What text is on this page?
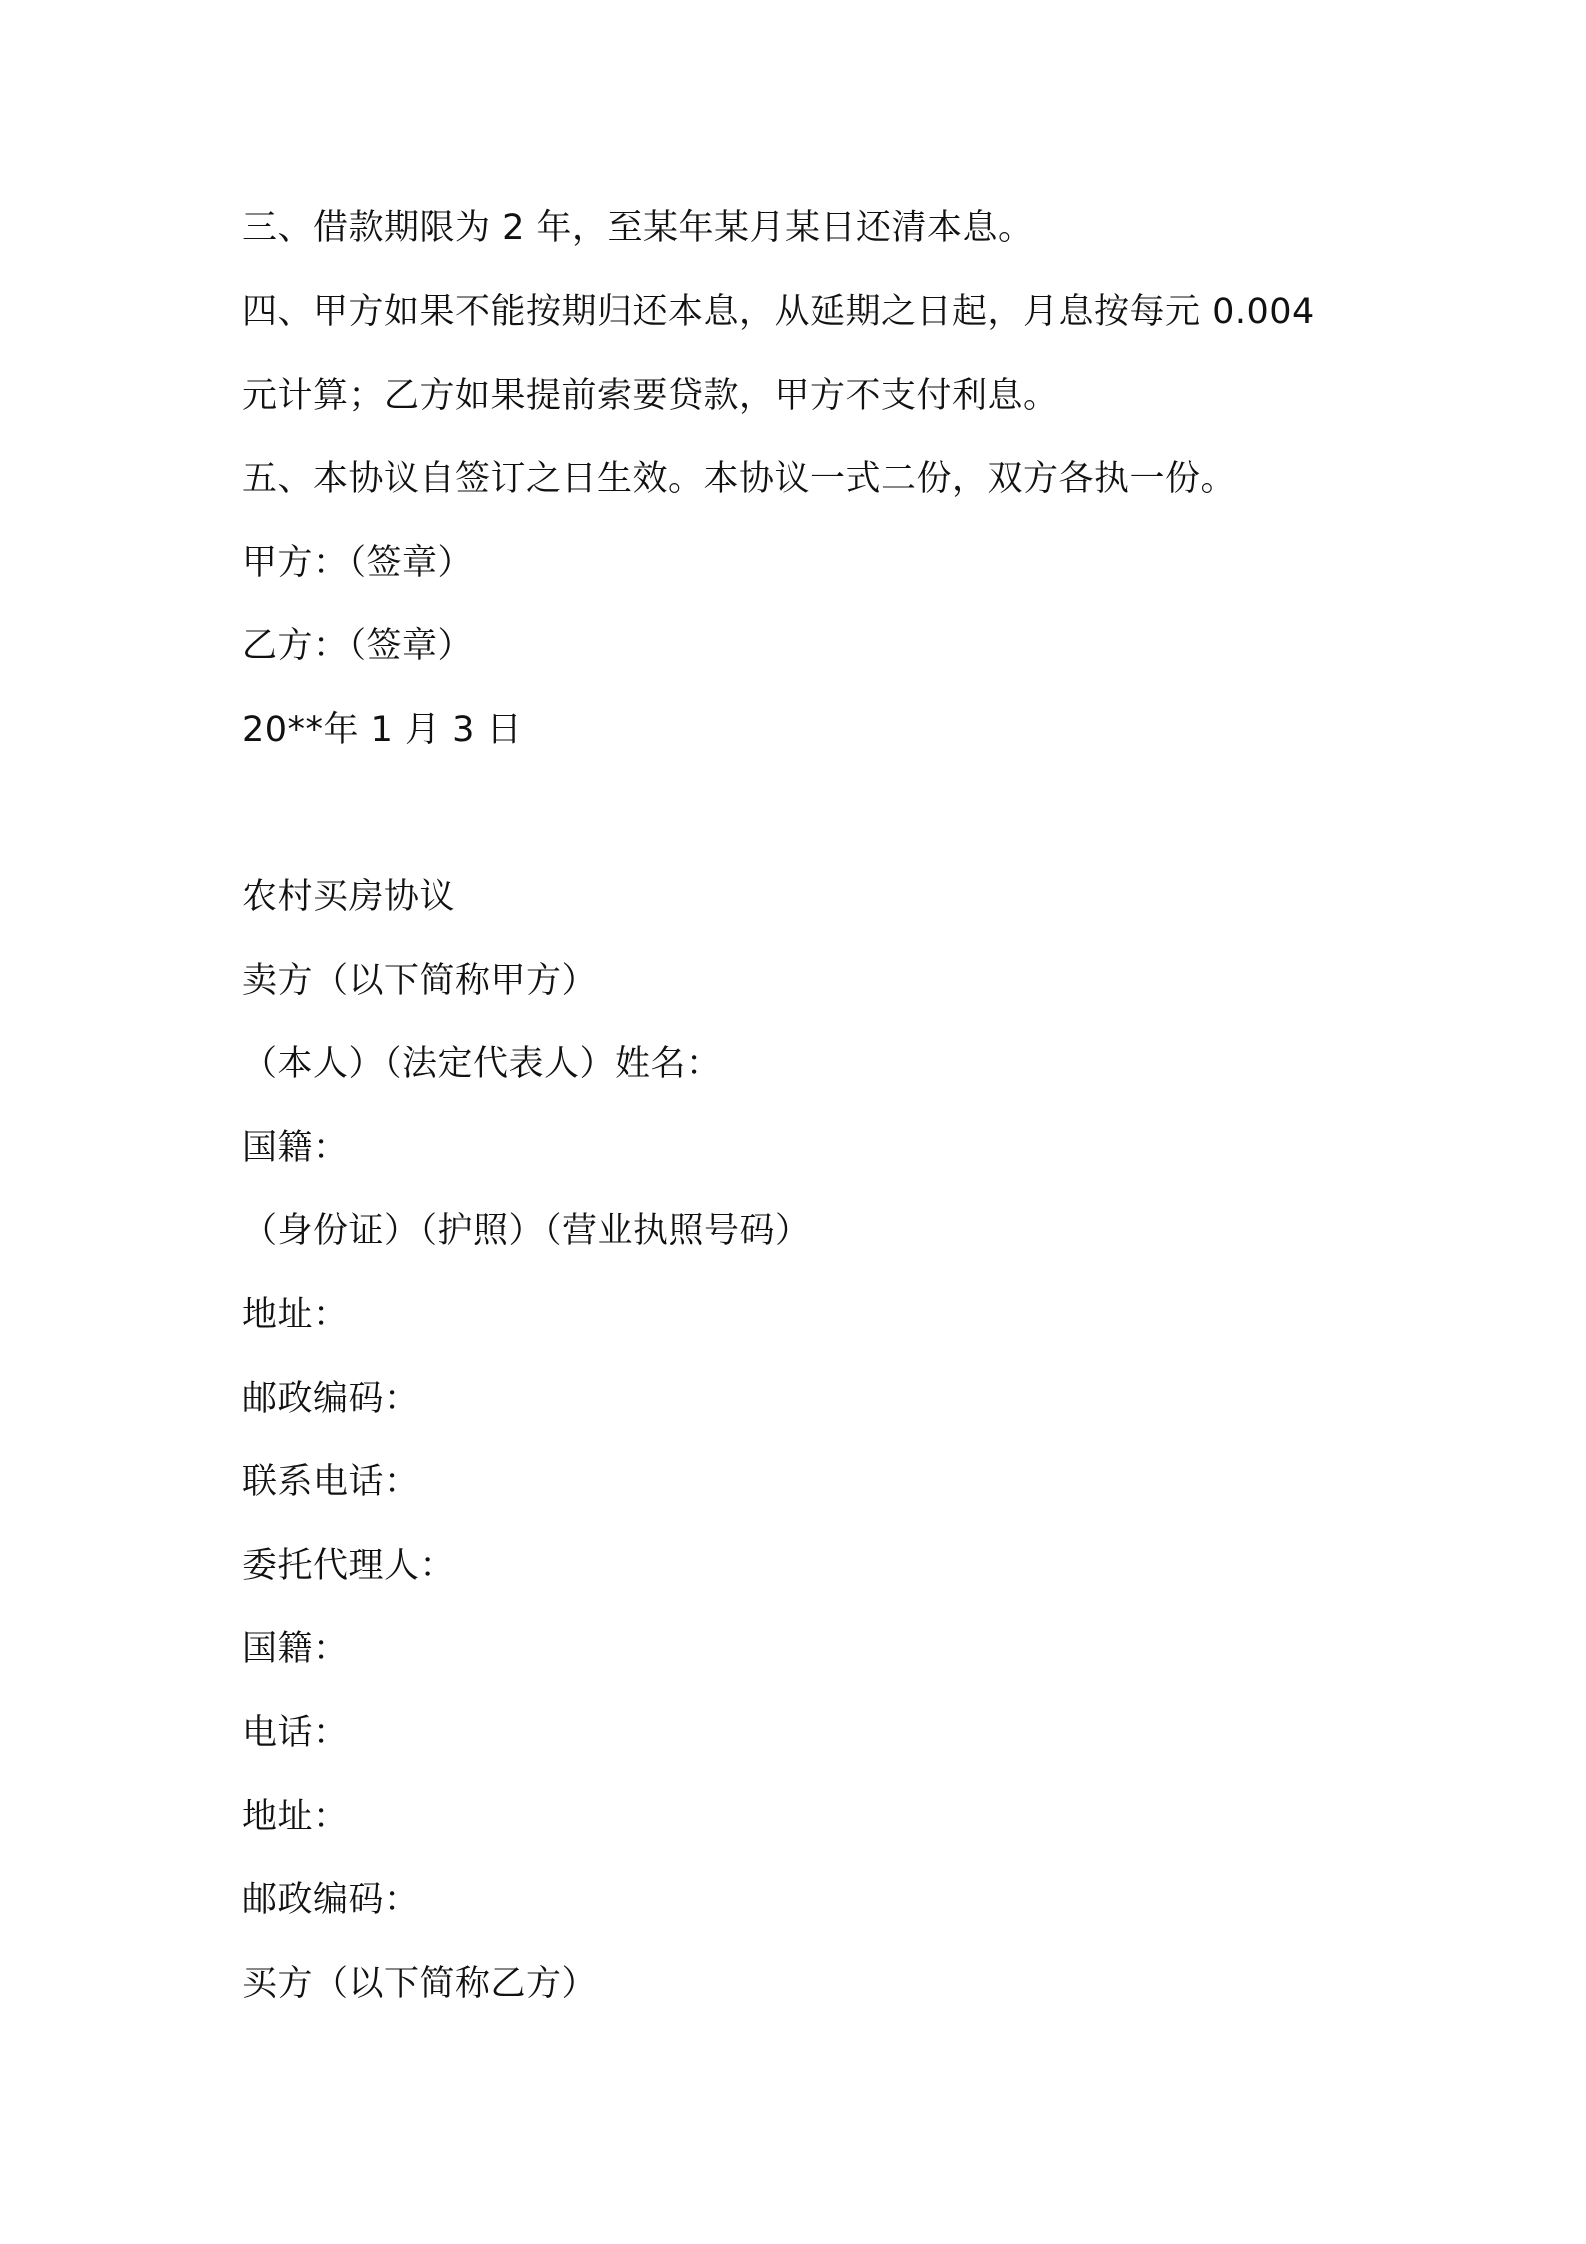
三、借款期限为 2 年，至某年某月某日还清本息。
四、甲方如果不能按期归还本息，从延期之日起，月息按每元 0.004
元计算；乙方如果提前索要贷款，甲方不支付利息。
五、本协议自签订之日生效。本协议一式二份，双方各执一份。
甲方：（签章）
乙方：（签章）
20**年 1 月 3 日
农村买房协议
卖方（以下简称甲方）
（本人）（法定代表人）姓名：
国籍：
（身份证）（护照）（营业执照号码）
地址：
邮政编码：
联系电话：
委托代理人：
国籍：
电话：
地址：
邮政编码：
买方（以下简称乙方）
